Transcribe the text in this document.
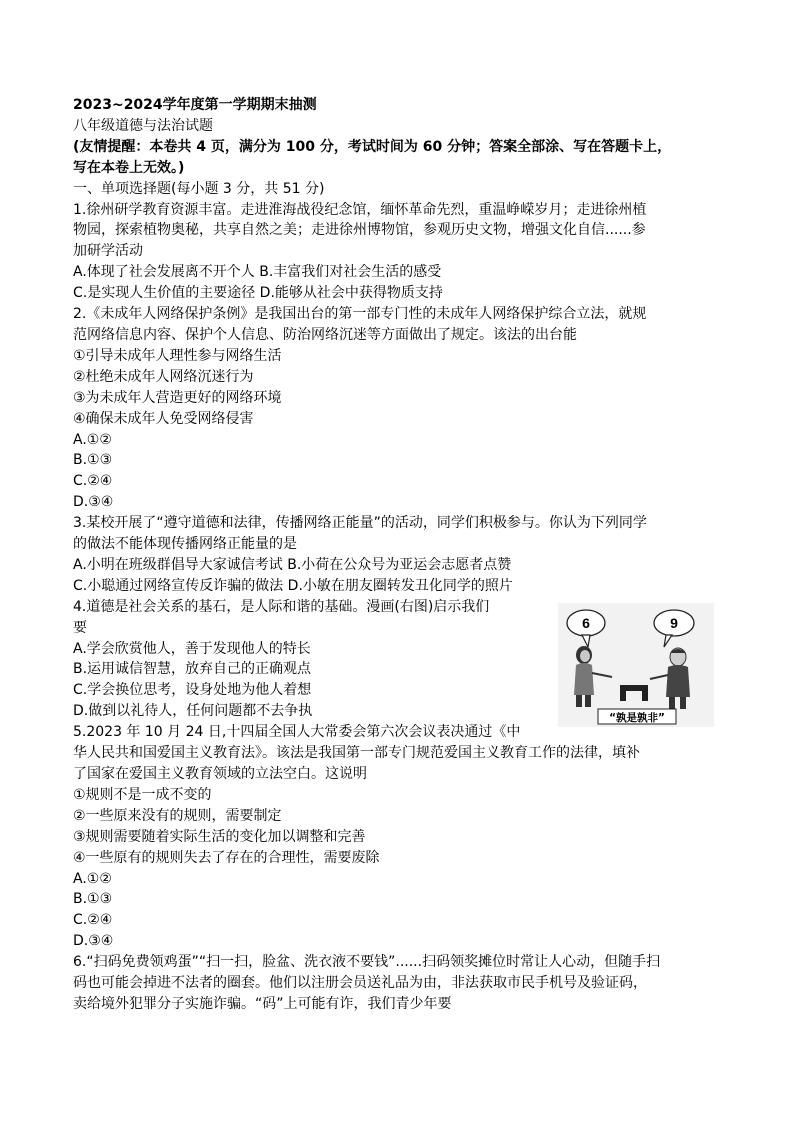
2023~2024学年度第一学期期末抽测
八年级道德与法治试题
(友情提醒：本卷共 4 页，满分为 100 分，考试时间为 60 分钟；答案全部涂、写在答题卡上，
写在本卷上无效。)
一、单项选择题(每小题 3 分，共 51 分)
1.徐州研学教育资源丰富。走进淮海战役纪念馆，缅怀革命先烈，重温峥嵘岁月；走进徐州植
物园，探索植物奥秘，共享自然之美；走进徐州博物馆，参观历史文物，增强文化自信......参
加研学活动
A.体现了社会发展离不开个人 B.丰富我们对社会生活的感受
C.是实现人生价值的主要途径 D.能够从社会中获得物质支持
2.《未成年人网络保护条例》是我国出台的第一部专门性的未成年人网络保护综合立法，就规
范网络信息内容、保护个人信息、防治网络沉迷等方面做出了规定。该法的出台能
①引导未成年人理性参与网络生活
②杜绝未成年人网络沉迷行为
③为未成年人营造更好的网络环境
④确保未成年人免受网络侵害
A.①②
B.①③
C.②④
D.③④
3.某校开展了“遵守道德和法律，传播网络正能量”的活动，同学们积极参与。你认为下列同学
的做法不能体现传播网络正能量的是
A.小明在班级群倡导大家诚信考试 B.小荷在公众号为亚运会志愿者点赞
C.小聪通过网络宣传反诈骗的做法 D.小敏在朋友圈转发丑化同学的照片
4.道德是社会关系的基石，是人际和谐的基础。漫画(右图)启示我们
要
A.学会欣赏他人，善于发现他人的特长
B.运用诚信智慧，放弃自己的正确观点
C.学会换位思考，设身处地为他人着想
D.做到以礼待人，任何问题都不去争执
5.2023 年 10 月 24 日,十四届全国人大常委会第六次会议表决通过《中
华人民共和国爱国主义教育法》。该法是我国第一部专门规范爱国主义教育工作的法律，填补
了国家在爱国主义教育领域的立法空白。这说明
①规则不是一成不变的
②一些原来没有的规则，需要制定
③规则需要随着实际生活的变化加以调整和完善
④一些原有的规则失去了存在的合理性，需要废除
A.①②
B.①③
C.②④
D.③④
6.“扫码免费领鸡蛋”“扫一扫，脸盆、洗衣液不要钱”......扫码领奖摊位时常让人心动，但随手扫
码也可能会掉进不法者的圈套。他们以注册会员送礼品为由，非法获取市民手机号及验证码，
卖给境外犯罪分子实施诈骗。“码”上可能有诈，我们青少年要
6	9
“孰是孰非”
